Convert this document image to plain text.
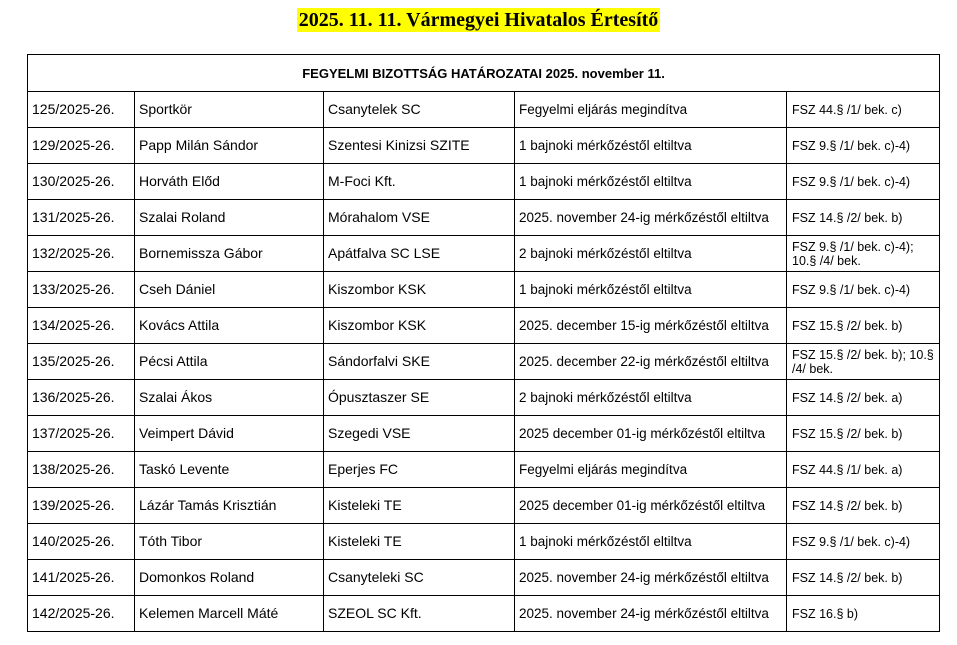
2025. 11. 11. Vármegyei Hivatalos Értesítő
FEGYELMI BIZOTTSÁG HATÁROZATAI 2025. november 11.				
125/2025-26.	Sportkör	Csanytelek SC	Fegyelmi eljárás megindítva	FSZ 44.§ /1/ bek. c)
129/2025-26.	Papp Milán Sándor	Szentesi Kinizsi SZITE	1 bajnoki mérkőzéstől eltiltva	FSZ 9.§ /1/ bek. c)-4)
130/2025-26.	Horváth Előd	M-Foci Kft.	1 bajnoki mérkőzéstől eltiltva	FSZ 9.§ /1/ bek. c)-4)
131/2025-26.	Szalai Roland	Mórahalom VSE	2025. november 24-ig mérkőzéstől eltiltva	FSZ 14.§ /2/ bek. b)
132/2025-26.	Bornemissza Gábor	Apátfalva SC LSE	2 bajnoki mérkőzéstől eltiltva	FSZ 9.§ /1/ bek. c)-4); 10.§ /4/ bek.
133/2025-26.	Cseh Dániel	Kiszombor KSK	1 bajnoki mérkőzéstől eltiltva	FSZ 9.§ /1/ bek. c)-4)
134/2025-26.	Kovács Attila	Kiszombor KSK	2025. december 15-ig mérkőzéstől eltiltva	FSZ 15.§ /2/ bek. b)
135/2025-26.	Pécsi Attila	Sándorfalvi SKE	2025. december 22-ig mérkőzéstől eltiltva	FSZ 15.§ /2/ bek. b); 10.§ /4/ bek.
136/2025-26.	Szalai Ákos	Ópusztaszer SE	2 bajnoki mérkőzéstől eltiltva	FSZ 14.§ /2/ bek. a)
137/2025-26.	Veimpert Dávid	Szegedi VSE	2025 december 01-ig mérkőzéstől eltiltva	FSZ 15.§ /2/ bek. b)
138/2025-26.	Taskó Levente	Eperjes FC	Fegyelmi eljárás megindítva	FSZ 44.§ /1/ bek. a)
139/2025-26.	Lázár Tamás Krisztián	Kisteleki TE	2025 december 01-ig mérkőzéstől eltiltva	FSZ 14.§ /2/ bek. b)
140/2025-26.	Tóth Tibor	Kisteleki TE	1 bajnoki mérkőzéstől eltiltva	FSZ 9.§ /1/ bek. c)-4)
141/2025-26.	Domonkos Roland	Csanyteleki SC	2025. november 24-ig mérkőzéstől eltiltva	FSZ 14.§ /2/ bek. b)
142/2025-26.	Kelemen Marcell Máté	SZEOL SC Kft.	2025. november 24-ig mérkőzéstől eltiltva	FSZ 16.§ b)
